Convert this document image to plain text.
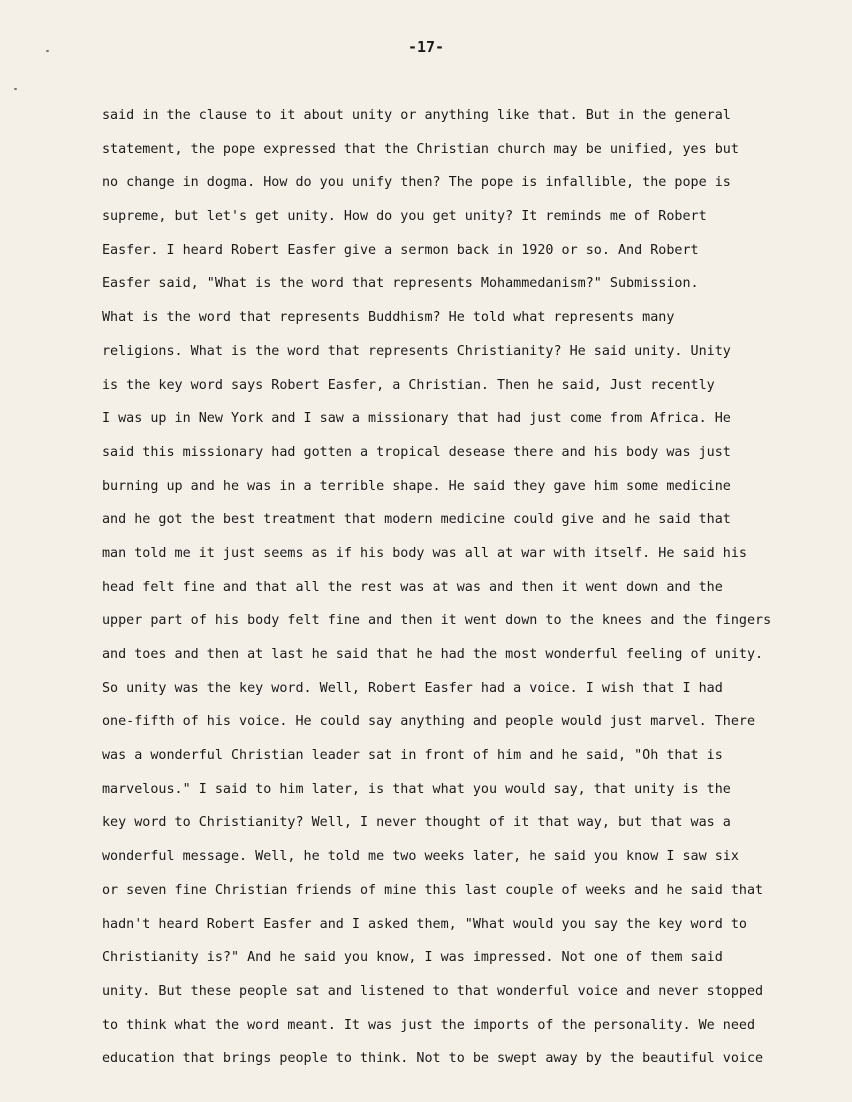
-17-
said in the clause to it about unity or anything like that. But in the general
statement, the pope expressed that the Christian church may be unified, yes but
no change in dogma. How do you unify then? The pope is infallible, the pope is
supreme, but let's get unity. How do you get unity? It reminds me of Robert
Easfer. I heard Robert Easfer give a sermon back in 1920 or so. And Robert
Easfer said, "What is the word that represents Mohammedanism?" Submission.
What is the word that represents Buddhism? He told what represents many
religions. What is the word that represents Christianity? He said unity. Unity
is the key word says Robert Easfer, a Christian. Then he said, Just recently
I was up in New York and I saw a missionary that had just come from Africa. He
said this missionary had gotten a tropical desease there and his body was just
burning up and he was in a terrible shape. He said they gave him some medicine
and he got the best treatment that modern medicine could give and he said that
man told me it just seems as if his body was all at war with itself. He said his
head felt fine and that all the rest was at was and then it went down and the
upper part of his body felt fine and then it went down to the knees and the fingers
and toes and then at last he said that he had the most wonderful feeling of unity.
So unity was the key word. Well, Robert Easfer had a voice. I wish that I had
one-fifth of his voice. He could say anything and people would just marvel. There
was a wonderful Christian leader sat in front of him and he said, "Oh that is
marvelous." I said to him later, is that what you would say, that unity is the
key word to Christianity? Well, I never thought of it that way, but that was a
wonderful message. Well, he told me two weeks later, he said you know I saw six
or seven fine Christian friends of mine this last couple of weeks and he said that
hadn't heard Robert Easfer and I asked them, "What would you say the key word to
Christianity is?" And he said you know, I was impressed. Not one of them said
unity. But these people sat and listened to that wonderful voice and never stopped
to think what the word meant. It was just the imports of the personality. We need
education that brings people to think. Not to be swept away by the beautiful voice
